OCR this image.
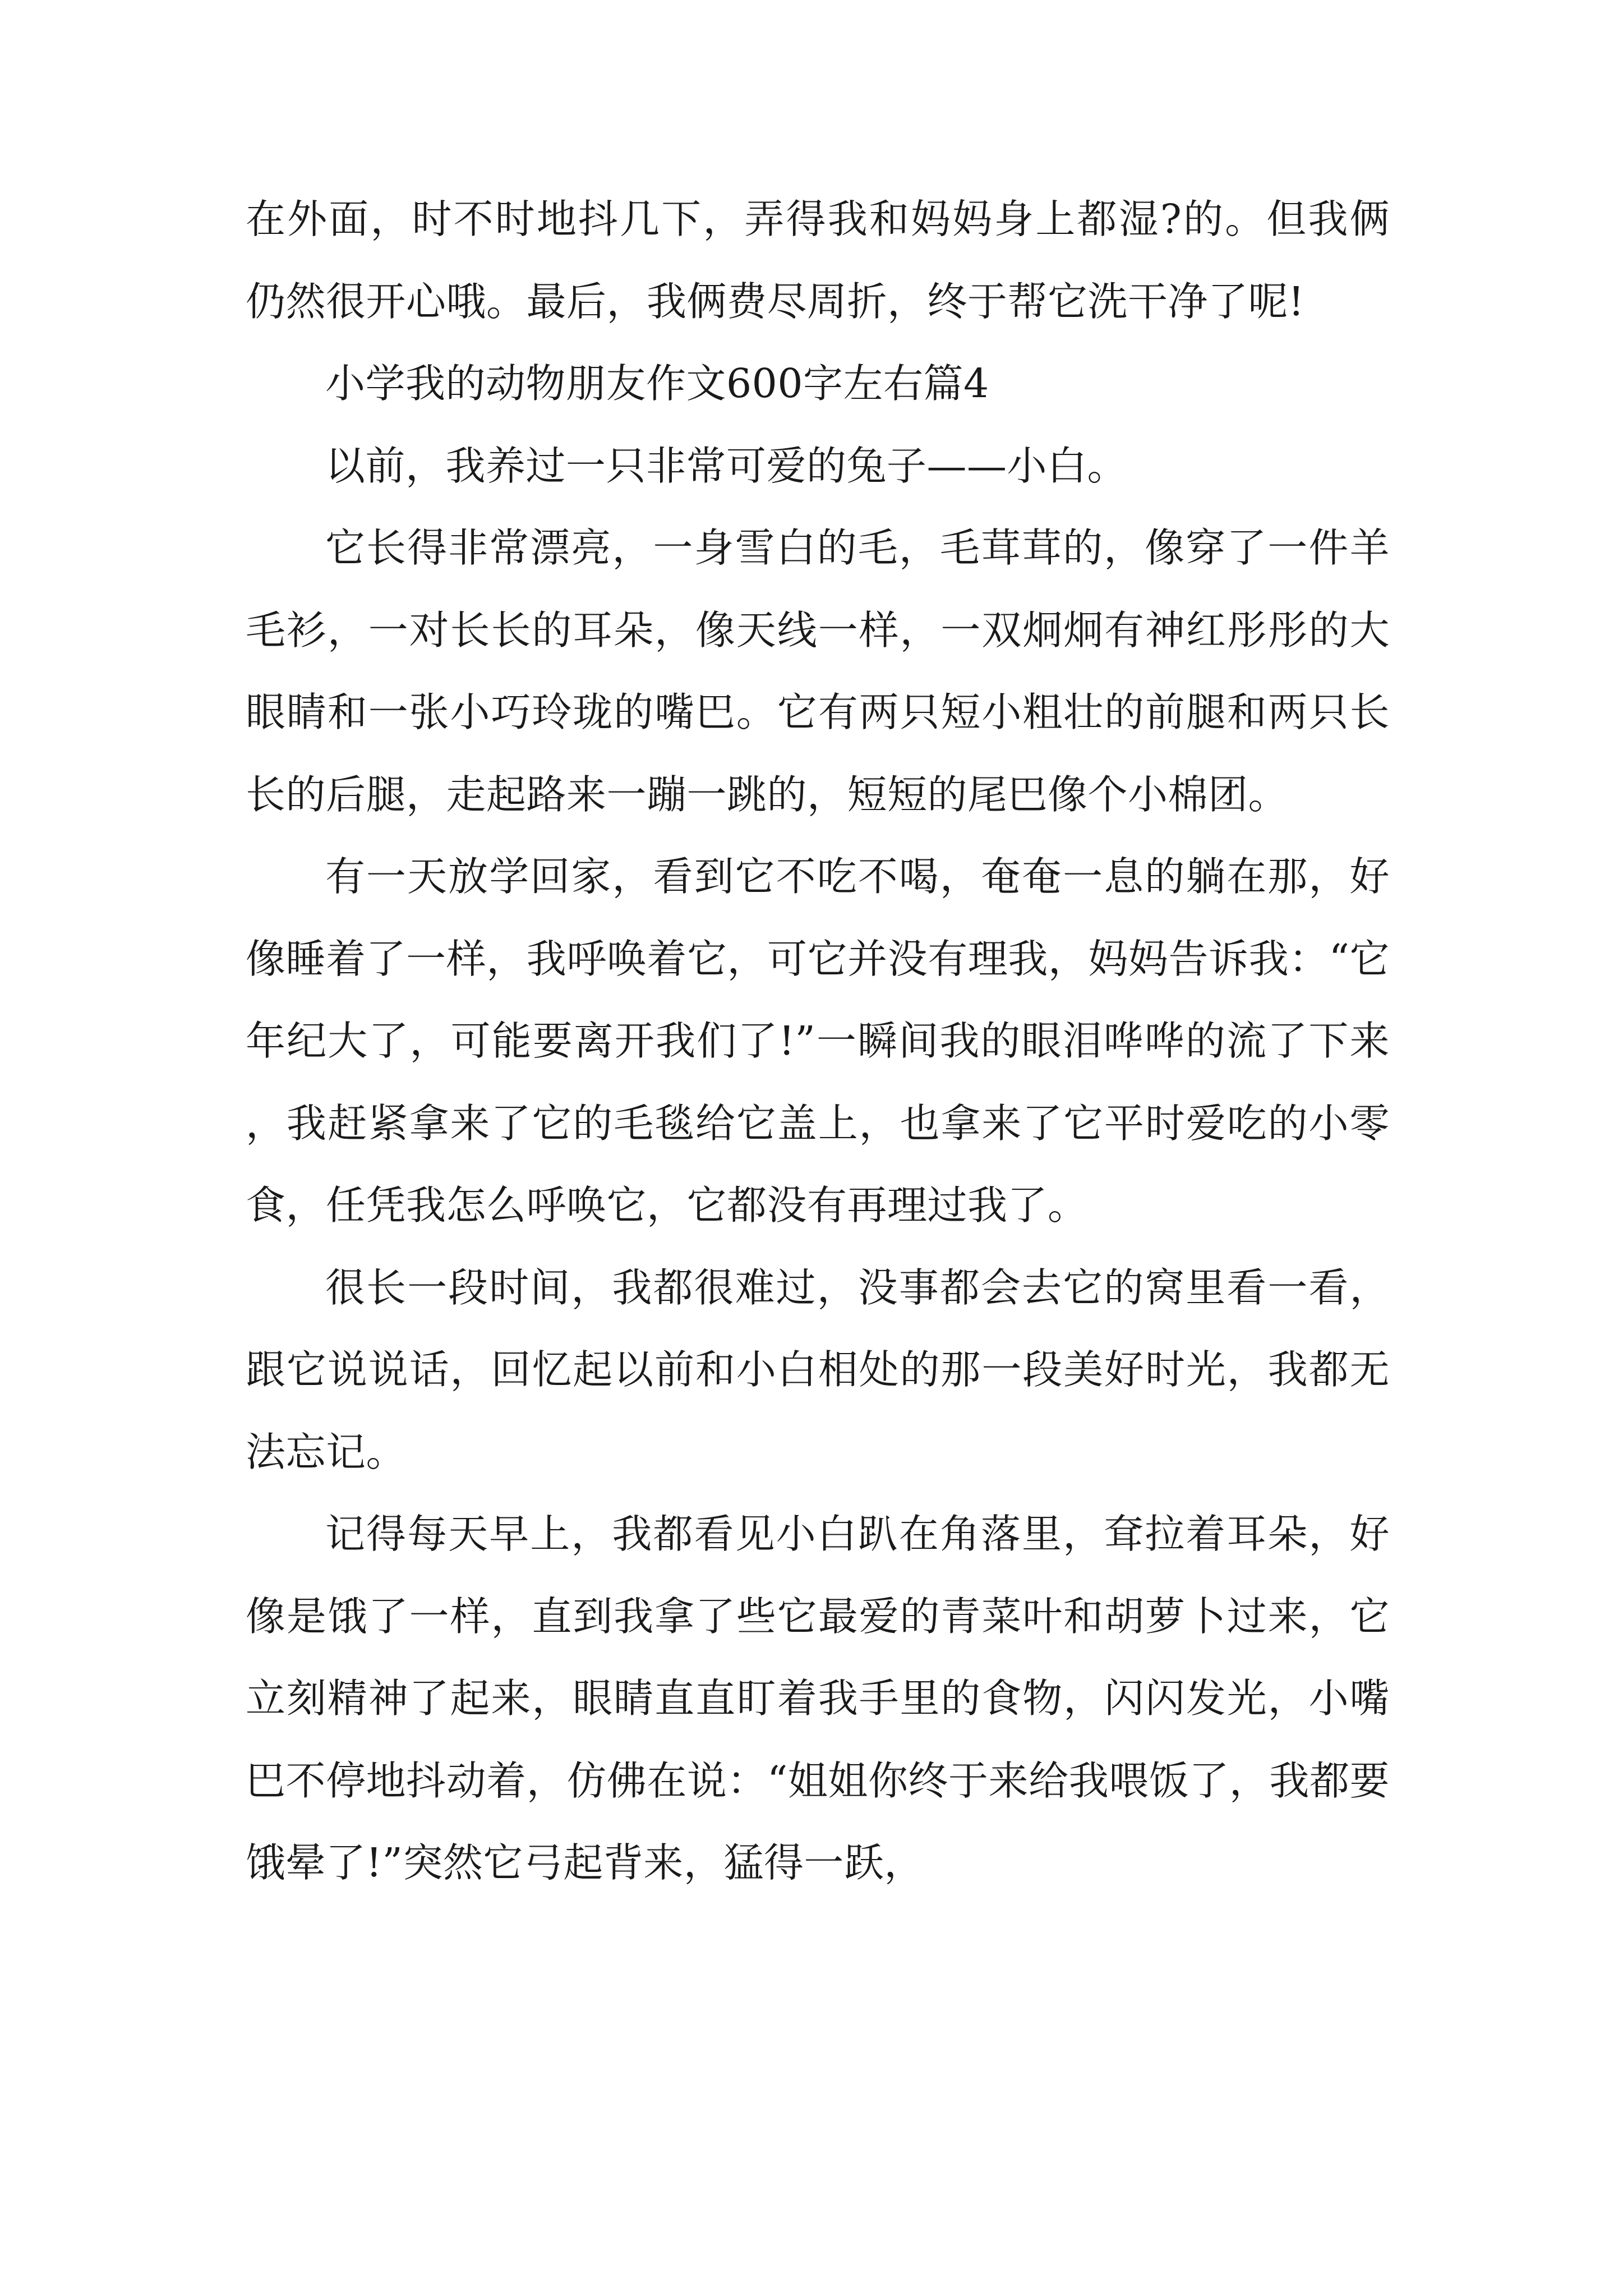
在外面，时不时地抖几下，弄得我和妈妈身上都湿?的。但我俩仍然很开心哦。最后，我俩费尽周折，终于帮它洗干净了呢!

小学我的动物朋友作文600字左右篇4

以前，我养过一只非常可爱的兔子——小白。

它长得非常漂亮，一身雪白的毛，毛茸茸的，像穿了一件羊毛衫，一对长长的耳朵，像天线一样，一双炯炯有神红彤彤的大眼睛和一张小巧玲珑的嘴巴。它有两只短小粗壮的前腿和两只长长的后腿，走起路来一蹦一跳的，短短的尾巴像个小棉团。

有一天放学回家，看到它不吃不喝，奄奄一息的躺在那，好像睡着了一样，我呼唤着它，可它并没有理我，妈妈告诉我：“它年纪大了，可能要离开我们了!”一瞬间我的眼泪哗哗的流了下来，我赶紧拿来了它的毛毯给它盖上，也拿来了它平时爱吃的小零食，任凭我怎么呼唤它，它都没有再理过我了。

很长一段时间，我都很难过，没事都会去它的窝里看一看，跟它说说话，回忆起以前和小白相处的那一段美好时光，我都无法忘记。

记得每天早上，我都看见小白趴在角落里，耷拉着耳朵，好像是饿了一样，直到我拿了些它最爱的青菜叶和胡萝卜过来，它立刻精神了起来，眼睛直直盯着我手里的食物，闪闪发光，小嘴巴不停地抖动着，仿佛在说：“姐姐你终于来给我喂饭了，我都要饿晕了!”突然它弓起背来，猛得一跃，
